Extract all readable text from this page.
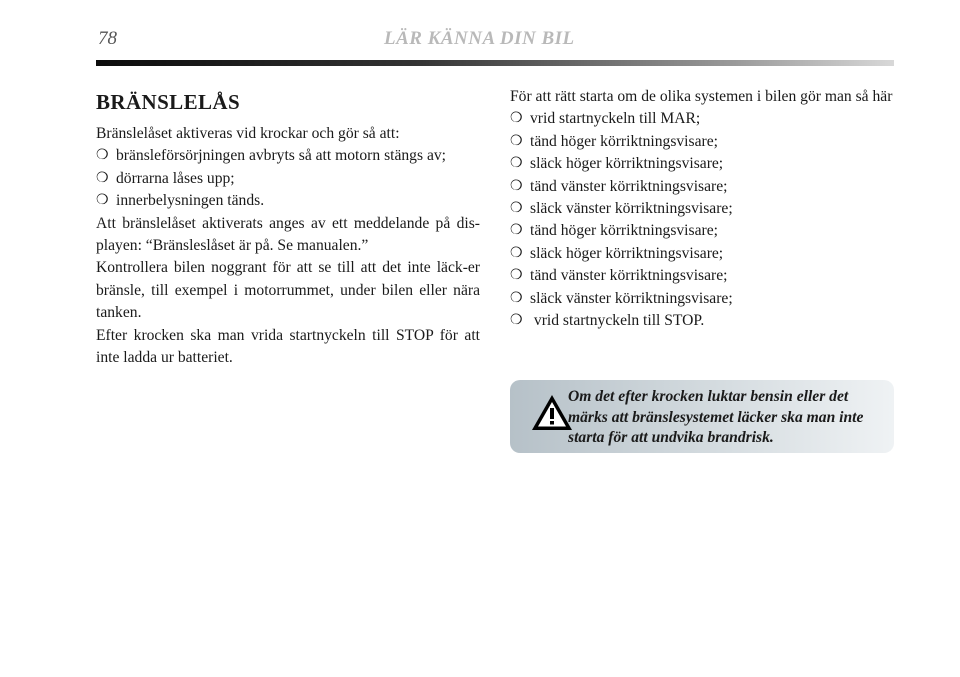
78	LÄR KÄNNA DIN BIL
BRÄNSLELÅS

Bränslelåset aktiveras vid krockar och gör så att:

❍ bränsleförsörjningen avbryts så att motorn stängs av;
❍ dörrarna låses upp;
❍ innerbelysningen tänds.

Att bränslelåset aktiverats anges av ett meddelande på dis-playen: “Bränsleslåset är på. Se manualen.”

Kontrollera bilen noggrant för att se till att det inte läck-er bränsle, till exempel i motorrummet, under bilen eller nära tanken.

Efter krocken ska man vrida startnyckeln till STOP för att inte ladda ur batteriet.

För att rätt starta om de olika systemen i bilen gör man så här

❍ vrid startnyckeln till MAR;
❍ tänd höger körriktningsvisare;
❍ släck höger körriktningsvisare;
❍ tänd vänster körriktningsvisare;
❍ släck vänster körriktningsvisare;
❍ tänd höger körriktningsvisare;
❍ släck höger körriktningsvisare;
❍ tänd vänster körriktningsvisare;
❍ släck vänster körriktningsvisare;
❍ vrid startnyckeln till STOP.
Om det efter krocken luktar bensin eller det märks att bränslesystemet läcker ska man inte starta för att undvika brandrisk.
